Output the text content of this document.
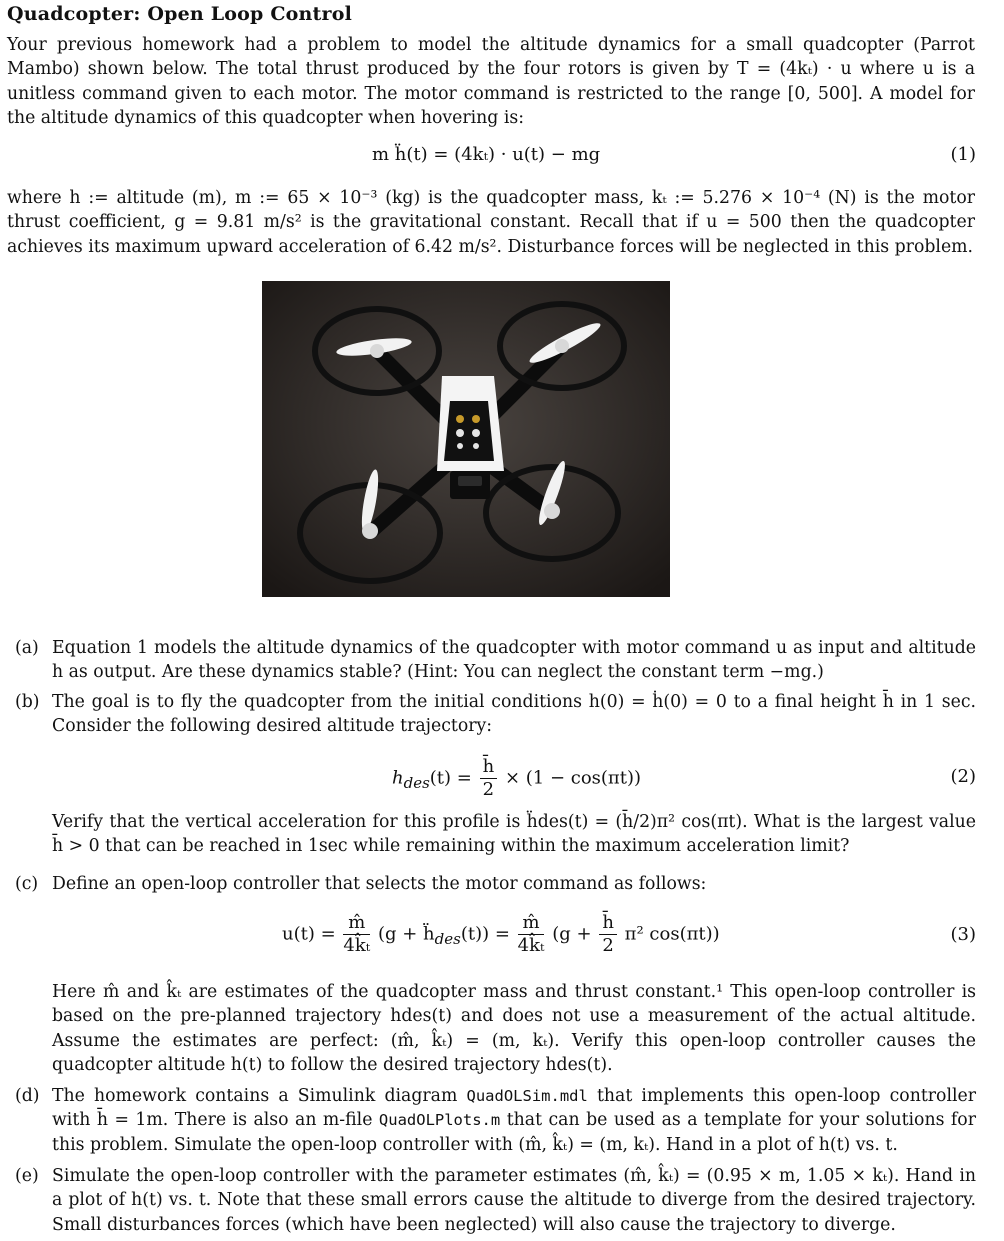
Quadcopter: Open Loop Control
Your previous homework had a problem to model the altitude dynamics for a small quadcopter (Parrot Mambo) shown below. The total thrust produced by the four rotors is given by T = (4kₜ) · u where u is a unitless command given to each motor. The motor command is restricted to the range [0, 500]. A model for the altitude dynamics of this quadcopter when hovering is:
m ḧ(t) = (4kₜ) · u(t) − mg	(1)
where h := altitude (m), m := 65 × 10⁻³ (kg) is the quadcopter mass, kₜ := 5.276 × 10⁻⁴ (N) is the motor thrust coefficient, g = 9.81 m/s² is the gravitational constant. Recall that if u = 500 then the quadcopter achieves its maximum upward acceleration of 6.42 m/s². Disturbance forces will be neglected in this problem.
(a) Equation 1 models the altitude dynamics of the quadcopter with motor command u as input and altitude h as output. Are these dynamics stable? (Hint: You can neglect the constant term −mg.)
(b) The goal is to fly the quadcopter from the initial conditions h(0) = ḣ(0) = 0 to a final height h̄ in 1 sec. Consider the following desired altitude trajectory:
Verify that the vertical acceleration for this profile is ḧdes(t) = (h̄/2)π² cos(πt). What is the largest value h̄ > 0 that can be reached in 1sec while remaining within the maximum acceleration limit?
(c) Define an open-loop controller that selects the motor command as follows:
Here m̂ and k̂ₜ are estimates of the quadcopter mass and thrust constant.¹ This open-loop controller is based on the pre-planned trajectory hdes(t) and does not use a measurement of the actual altitude. Assume the estimates are perfect: (m̂, k̂ₜ) = (m, kₜ). Verify this open-loop controller causes the quadcopter altitude h(t) to follow the desired trajectory hdes(t).
(d) The homework contains a Simulink diagram QuadOLSim.mdl that implements this open-loop controller with h̄ = 1m. There is also an m-file QuadOLPlots.m that can be used as a template for your solutions for this problem. Simulate the open-loop controller with (m̂, k̂ₜ) = (m, kₜ). Hand in a plot of h(t) vs. t.
(e) Simulate the open-loop controller with the parameter estimates (m̂, k̂ₜ) = (0.95 × m, 1.05 × kₜ). Hand in a plot of h(t) vs. t. Note that these small errors cause the altitude to diverge from the desired trajectory. Small disturbances forces (which have been neglected) will also cause the trajectory to diverge.
$h_{des}(t) = \frac{h̄}{2} \times (1 - \cos(\pi t))$	(2)
$u(t) = \frac{m̂}{\text{4k̂ₜ}} (g$ + ḧ$_{des}$(t)) = $\frac{m̂}{\text{4k̂ₜ}} (g + \frac{h̄}{2} \pi^2$ cos(πt))	(3)
